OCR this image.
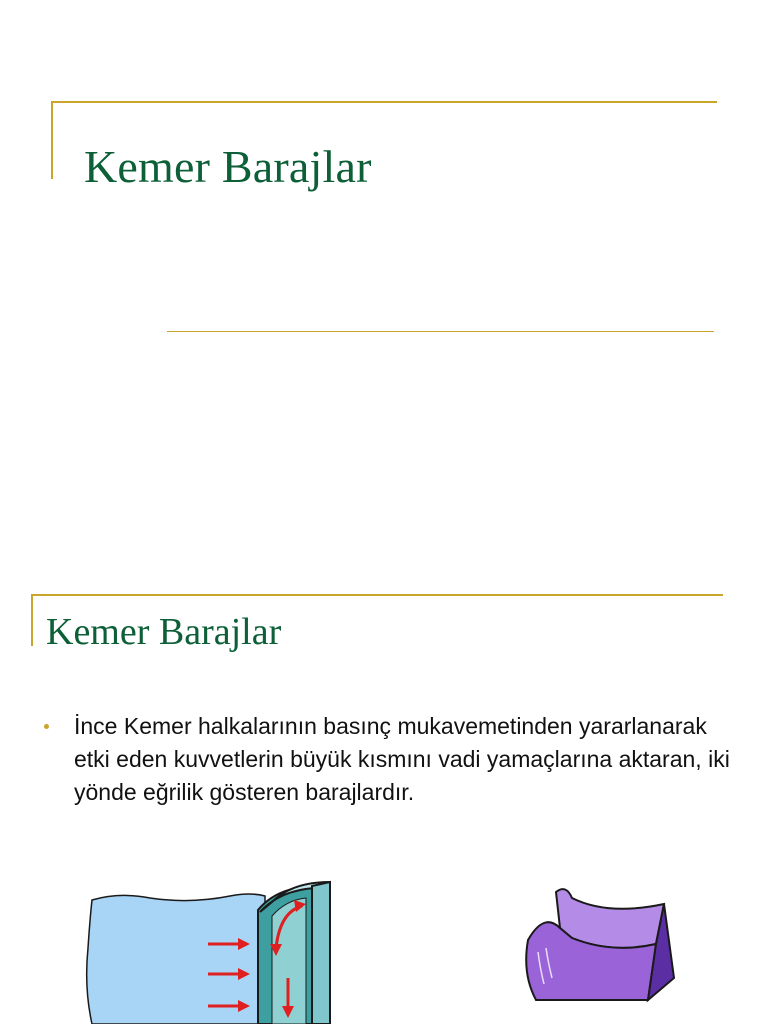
Kemer Barajlar
Kemer Barajlar

İnce Kemer halkalarının basınç mukavemetinden yararlanarak etki eden kuvvetlerin büyük kısmını vadi yamaçlarına aktaran, iki yönde eğrilik gösteren barajlardır.
